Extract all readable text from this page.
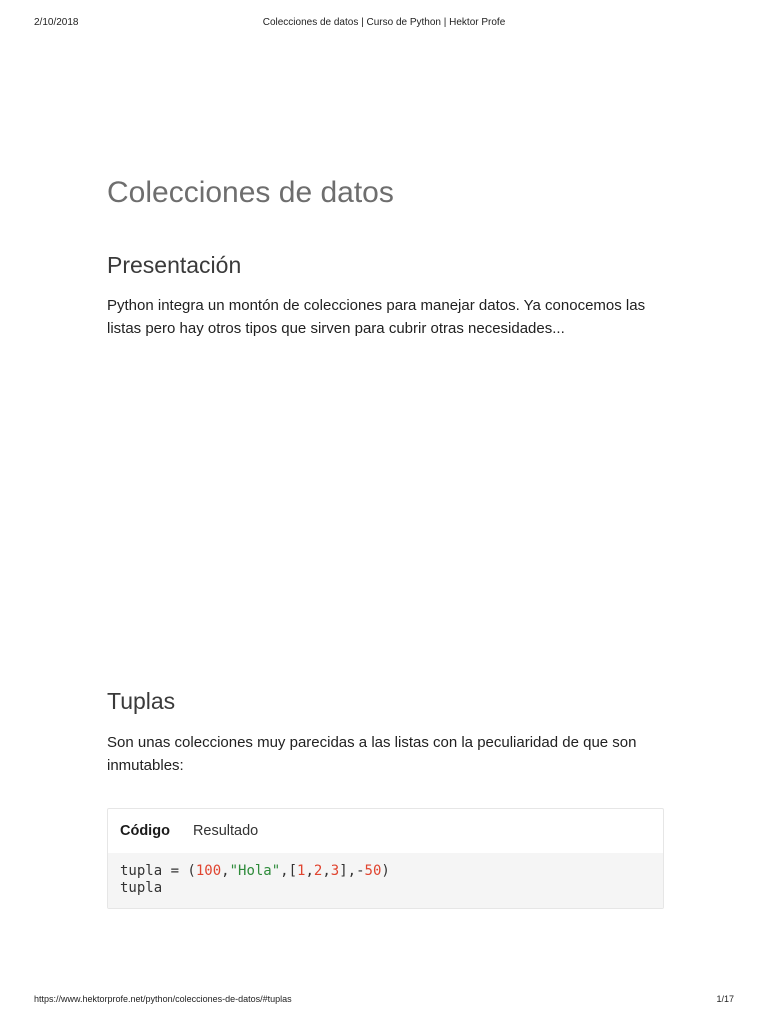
2/10/2018	Colecciones de datos | Curso de Python | Hektor Profe
Colecciones de datos
Presentación

Python integra un montón de colecciones para manejar datos. Ya conocemos las listas pero hay otros tipos que sirven para cubrir otras necesidades...

Tuplas

Son unas colecciones muy parecidas a las listas con la peculiaridad de que son inmutables:

Código Resultado
tupla = (100,"Hola",[1,2,3],-50)
tupla
https://www.hektorprofe.net/python/colecciones-de-datos/#tuplas	1/17
